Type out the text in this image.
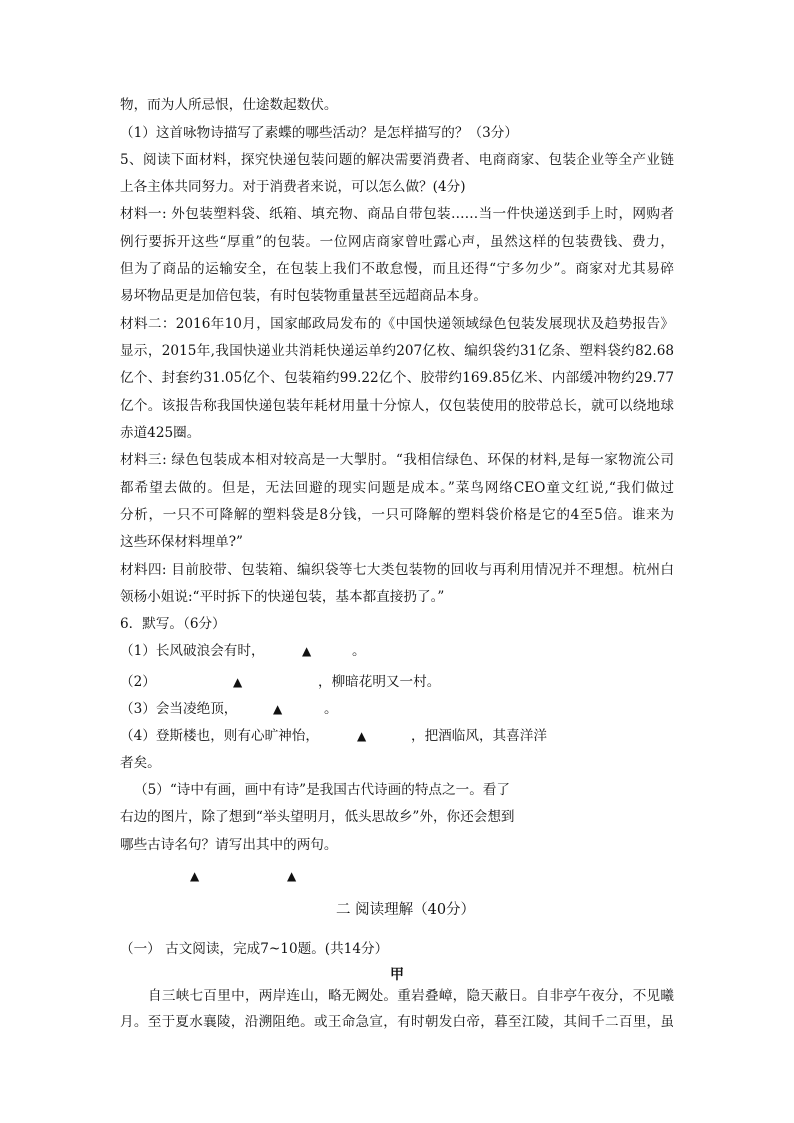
物，而为人所忌恨，仕途数起数伏。
（1）这首咏物诗描写了素蝶的哪些活动？是怎样描写的？（3分）
5、阅读下面材料，探究快递包装问题的解决需要消费者、电商商家、包装企业等全产业链
上各主体共同努力。对于消费者来说，可以怎么做？(4分)
材料一: 外包装塑料袋、纸箱、填充物、商品自带包装……当一件快递送到手上时，网购者
例行要拆开这些“厚重”的包装。一位网店商家曾吐露心声，虽然这样的包装费钱、费力，
但为了商品的运输安全，在包装上我们不敢怠慢，而且还得“宁多勿少”。商家对尤其易碎
易坏物品更是加倍包装，有时包装物重量甚至远超商品本身。
材料二：2016年10月，国家邮政局发布的《中国快递领域绿色包装发展现状及趋势报告》
显示，2015年,我国快递业共消耗快递运单约207亿枚、编织袋约31亿条、塑料袋约82.68
亿个、封套约31.05亿个、包装箱约99.22亿个、胶带约169.85亿米、内部缓冲物约29.77
亿个。该报告称我国快递包装年耗材用量十分惊人，仅包装使用的胶带总长，就可以绕地球
赤道425圈。
材料三: 绿色包装成本相对较高是一大掣肘。“我相信绿色、环保的材料,是每一家物流公司
都希望去做的。但是，无法回避的现实问题是成本。”菜鸟网络CEO童文红说,“我们做过
分析，一只不可降解的塑料袋是8分钱，一只可降解的塑料袋价格是它的4至5倍。谁来为
这些环保材料埋单?”
材料四: 目前胶带、包装箱、编织袋等七大类包装物的回收与再利用情况并不理想。杭州白
领杨小姐说:“平时拆下的快递包装，基本都直接扔了。”
6．默写。（6分）
（1）长风破浪会有时，	▲	。
（2）	▲	，柳暗花明又一村。
（3）会当凌绝顶，	▲	。
（4）登斯楼也，则有心旷神怡，	▲	，把酒临风，其喜洋洋
者矣。
（5）“诗中有画，画中有诗”是我国古代诗画的特点之一。看了
右边的图片，除了想到“举头望明月，低头思故乡”外，你还会想到
哪些古诗名句？请写出其中的两句。
▲	▲
二 阅读理解（40分）
（一） 古文阅读，完成7~10题。(共14分）
甲
自三峡七百里中，两岸连山，略无阙处。重岩叠嶂，隐天蔽日。自非亭午夜分，不见曦
月。至于夏水襄陵，沿溯阻绝。或王命急宣，有时朝发白帝，暮至江陵，其间千二百里，虽
